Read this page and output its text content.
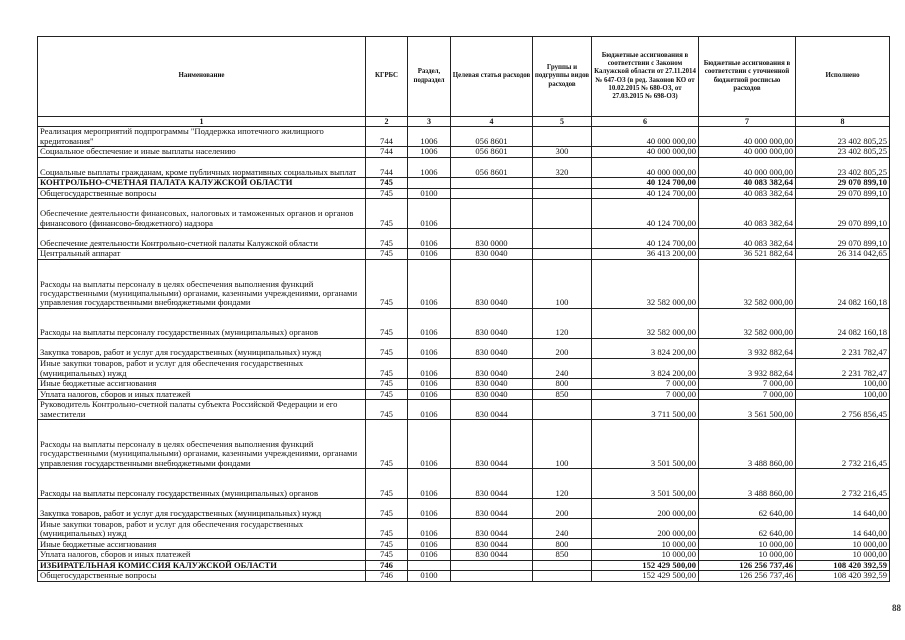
Наименование	КГРБС	Раздел, подраздел	Целевая статья расходов	Группы и подгруппы видов расходов	Бюджетные ассигнования в соответствии с Законом Калужской области от 27.11.2014 № 647-ОЗ (в ред. Законов КО от 10.02.2015 № 680-ОЗ, от 27.03.2015 № 698-ОЗ)	Бюджетные ассигнования в соответствии с уточненной бюджетной росписью расходов	Исполнено
1	2	3	4	5	6	7	8
Реализация мероприятий подпрограммы "Поддержка ипотечного жилищного кредитования"	744	1006	056 8601		40 000 000,00	40 000 000,00	23 402 805,25
Социальное обеспечение и иные выплаты населению	744	1006	056 8601	300	40 000 000,00	40 000 000,00	23 402 805,25
Социальные выплаты гражданам, кроме публичных нормативных социальных выплат	744	1006	056 8601	320	40 000 000,00	40 000 000,00	23 402 805,25
КОНТРОЛЬНО-СЧЕТНАЯ ПАЛАТА КАЛУЖСКОЙ ОБЛАСТИ	745				40 124 700,00	40 083 382,64	29 070 899,10
Общегосударственные вопросы	745	0100			40 124 700,00	40 083 382,64	29 070 899,10
Обеспечение деятельности финансовых, налоговых и таможенных органов и органов финансового (финансово-бюджетного) надзора	745	0106			40 124 700,00	40 083 382,64	29 070 899,10
Обеспечение деятельности Контрольно-счетной палаты Калужской области	745	0106	830 0000		40 124 700,00	40 083 382,64	29 070 899,10
Центральный аппарат	745	0106	830 0040		36 413 200,00	36 521 882,64	26 314 042,65
Расходы на выплаты персоналу в целях обеспечения выполнения функций государственными (муниципальными) органами, казенными учреждениями, органами управления государственными внебюджетными фондами	745	0106	830 0040	100	32 582 000,00	32 582 000,00	24 082 160,18
Расходы на выплаты персоналу государственных (муниципальных) органов	745	0106	830 0040	120	32 582 000,00	32 582 000,00	24 082 160,18
Закупка товаров, работ и услуг для государственных (муниципальных) нужд	745	0106	830 0040	200	3 824 200,00	3 932 882,64	2 231 782,47
Иные закупки товаров, работ и услуг для обеспечения государственных (муниципальных) нужд	745	0106	830 0040	240	3 824 200,00	3 932 882,64	2 231 782,47
Иные бюджетные ассигнования	745	0106	830 0040	800	7 000,00	7 000,00	100,00
Уплата налогов, сборов и иных платежей	745	0106	830 0040	850	7 000,00	7 000,00	100,00
Руководитель Контрольно-счетной палаты субъекта Российской Федерации и его заместители	745	0106	830 0044		3 711 500,00	3 561 500,00	2 756 856,45
Расходы на выплаты персоналу в целях обеспечения выполнения функций государственными (муниципальными) органами, казенными учреждениями, органами управления государственными внебюджетными фондами	745	0106	830 0044	100	3 501 500,00	3 488 860,00	2 732 216,45
Расходы на выплаты персоналу государственных (муниципальных) органов	745	0106	830 0044	120	3 501 500,00	3 488 860,00	2 732 216,45
Закупка товаров, работ и услуг для государственных (муниципальных) нужд	745	0106	830 0044	200	200 000,00	62 640,00	14 640,00
Иные закупки товаров, работ и услуг для обеспечения государственных (муниципальных) нужд	745	0106	830 0044	240	200 000,00	62 640,00	14 640,00
Иные бюджетные ассигнования	745	0106	830 0044	800	10 000,00	10 000,00	10 000,00
Уплата налогов, сборов и иных платежей	745	0106	830 0044	850	10 000,00	10 000,00	10 000,00
ИЗБИРАТЕЛЬНАЯ КОМИССИЯ КАЛУЖСКОЙ ОБЛАСТИ	746				152 429 500,00	126 256 737,46	108 420 392,59
Общегосударственные вопросы	746	0100			152 429 500,00	126 256 737,46	108 420 392,59
88
